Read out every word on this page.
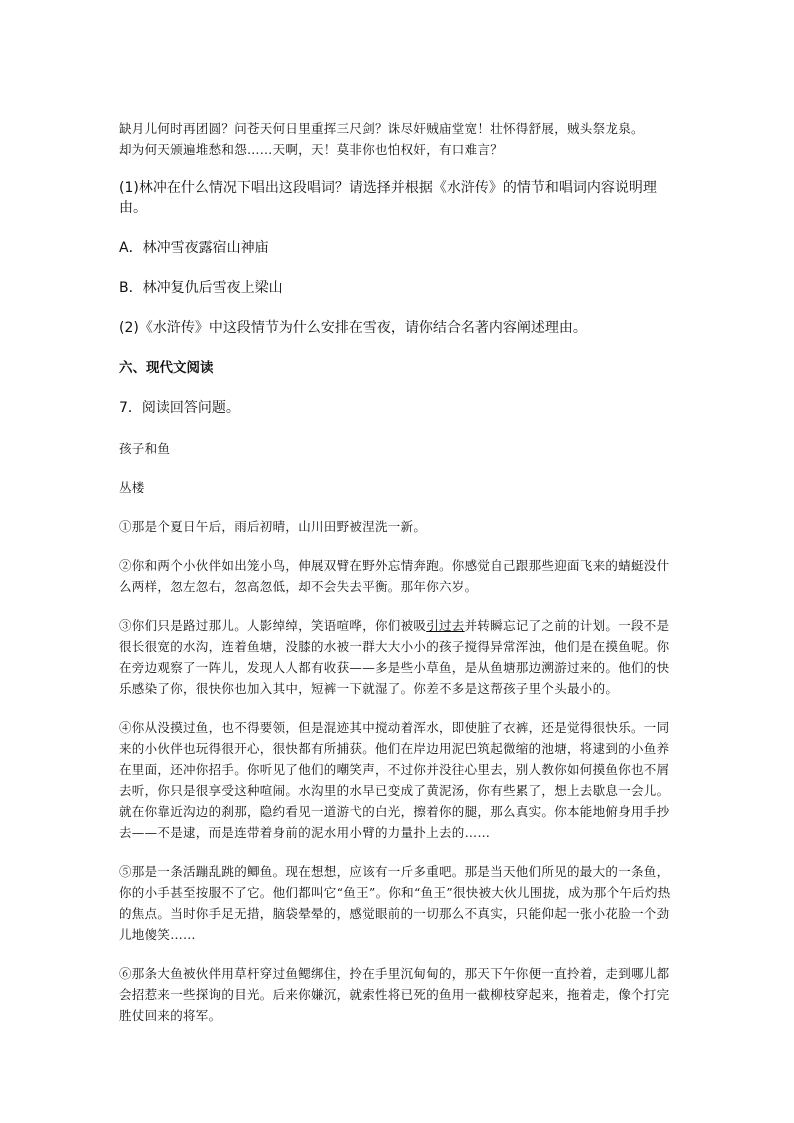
缺月儿何时再团圆？问苍天何日里重挥三尺剑？诛尽奸贼庙堂宽！壮怀得舒展，贼头祭龙泉。
却为何天颁遍堆愁和怨……天啊，天！莫非你也怕权奸，有口难言？

(1)林冲在什么情况下唱出这段唱词？请选择并根据《水浒传》的情节和唱词内容说明理由。

A．林冲雪夜露宿山神庙

B．林冲复仇后雪夜上梁山

(2)《水浒传》中这段情节为什么安排在雪夜，请你结合名著内容阐述理由。

六、现代文阅读

7．阅读回答问题。

孩子和鱼

丛楼

①那是个夏日午后，雨后初晴，山川田野被涅洗一新。

②你和两个小伙伴如出笼小鸟，伸展双臂在野外忘情奔跑。你感觉自己跟那些迎面飞来的蜻蜓没什么两样，忽左忽右，忽高忽低，却不会失去平衡。那年你六岁。

③你们只是路过那儿。人影绰绰，笑语喧哗，你们被吸引过去并转瞬忘记了之前的计划。一段不是很长很宽的水沟，连着鱼塘，没膝的水被一群大大小小的孩子搅得异常浑浊，他们是在摸鱼呢。你在旁边观察了一阵儿，发现人人都有收获——多是些小草鱼，是从鱼塘那边溯游过来的。他们的快乐感染了你，很快你也加入其中，短裤一下就湿了。你差不多是这帮孩子里个头最小的。

④你从没摸过鱼，也不得要领，但是混迹其中搅动着浑水，即使脏了衣裤，还是觉得很快乐。一同来的小伙伴也玩得很开心，很快都有所捕获。他们在岸边用泥巴筑起微缩的池塘，将逮到的小鱼养在里面，还冲你招手。你听见了他们的嘲笑声，不过你并没往心里去，别人教你如何摸鱼你也不屑去听，你只是很享受这种喧闹。水沟里的水早已变成了黄泥汤，你有些累了，想上去歇息一会儿。就在你靠近沟边的刹那，隐约看见一道游弋的白光，擦着你的腿，那么真实。你本能地俯身用手抄去——不是逮，而是连带着身前的泥水用小臂的力量扑上去的……

⑤那是一条活蹦乱跳的鲫鱼。现在想想，应该有一斤多重吧。那是当天他们所见的最大的一条鱼，你的小手甚至按服不了它。他们都叫它“鱼王”。你和“鱼王”很快被大伙儿围拢，成为那个午后灼热的焦点。当时你手足无措，脑袋晕晕的，感觉眼前的一切那么不真实，只能仰起一张小花脸一个劲儿地傻笑……

⑥那条大鱼被伙伴用草杆穿过鱼鳃绑住，拎在手里沉甸甸的，那天下午你便一直拎着，走到哪儿都会招惹来一些探询的目光。后来你嫌沉，就索性将已死的鱼用一截柳枝穿起来，拖着走，像个打完胜仗回来的将军。
